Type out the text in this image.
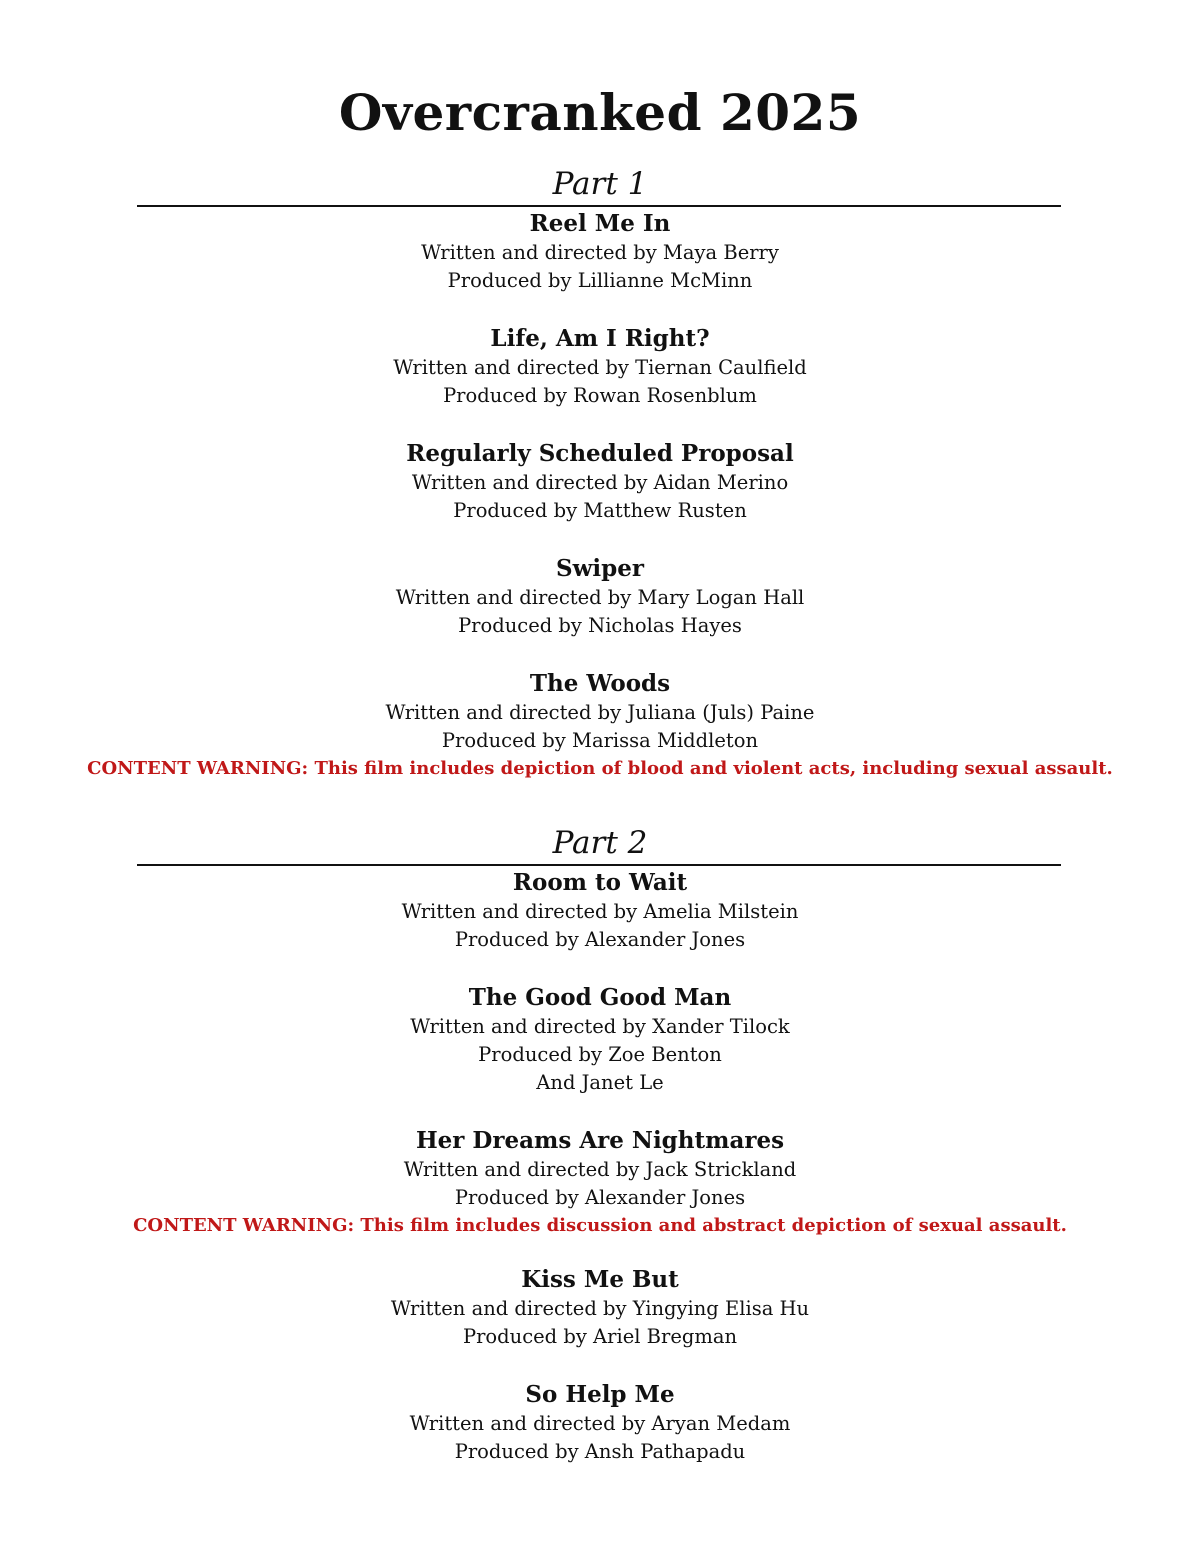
Overcranked 2025
Part 1

Reel Me In

Written and directed by Maya Berry

Produced by Lillianne McMinn

Life, Am I Right?

Written and directed by Tiernan Caulfield

Produced by Rowan Rosenblum

Regularly Scheduled Proposal

Written and directed by Aidan Merino

Produced by Matthew Rusten

Swiper

Written and directed by Mary Logan Hall

Produced by Nicholas Hayes

The Woods

Written and directed by Juliana (Juls) Paine

Produced by Marissa Middleton

CONTENT WARNING: This film includes depiction of blood and violent acts, including sexual assault.

Part 2

Room to Wait

Written and directed by Amelia Milstein

Produced by Alexander Jones

The Good Good Man

Written and directed by Xander Tilock

Produced by Zoe Benton

And Janet Le

Her Dreams Are Nightmares

Written and directed by Jack Strickland

Produced by Alexander Jones

CONTENT WARNING: This film includes discussion and abstract depiction of sexual assault.

Kiss Me But

Written and directed by Yingying Elisa Hu

Produced by Ariel Bregman

So Help Me

Written and directed by Aryan Medam

Produced by Ansh Pathapadu
